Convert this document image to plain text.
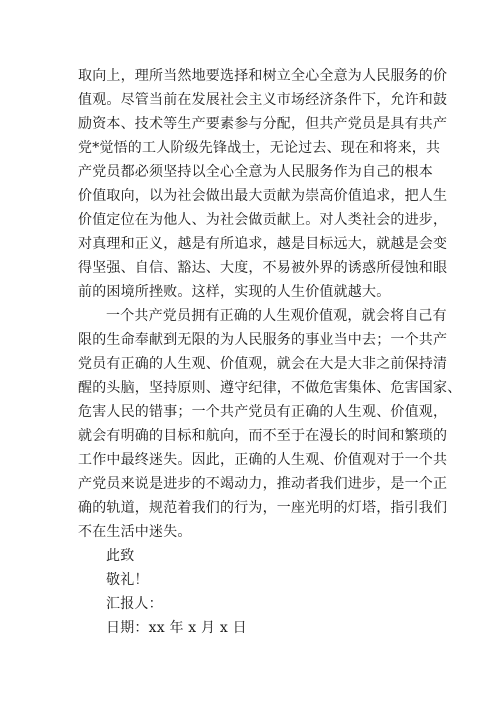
取向上，理所当然地要选择和树立全心全意为人民服务的价
值观。尽管当前在发展社会主义市场经济条件下，允许和鼓
励资本、技术等生产要素参与分配，但共产党员是具有共产
党*觉悟的工人阶级先锋战士，无论过去、现在和将来，共
产党员都必须坚持以全心全意为人民服务作为自己的根本
价值取向，以为社会做出最大贡献为崇高价值追求，把人生
价值定位在为他人、为社会做贡献上。对人类社会的进步，
对真理和正义，越是有所追求，越是目标远大，就越是会变
得坚强、自信、豁达、大度，不易被外界的诱惑所侵蚀和眼
前的困境所挫败。这样，实现的人生价值就越大。
一个共产党员拥有正确的人生观价值观，就会将自己有
限的生命奉献到无限的为人民服务的事业当中去；一个共产
党员有正确的人生观、价值观，就会在大是大非之前保持清
醒的头脑，坚持原则、遵守纪律，不做危害集体、危害国家、
危害人民的错事；一个共产党员有正确的人生观、价值观，
就会有明确的目标和航向，而不至于在漫长的时间和繁琐的
工作中最终迷失。因此，正确的人生观、价值观对于一个共
产党员来说是进步的不竭动力，推动者我们进步，是一个正
确的轨道，规范着我们的行为，一座光明的灯塔，指引我们
不在生活中迷失。
此致
敬礼！
汇报人：
日期：xx 年 x 月 x 日
